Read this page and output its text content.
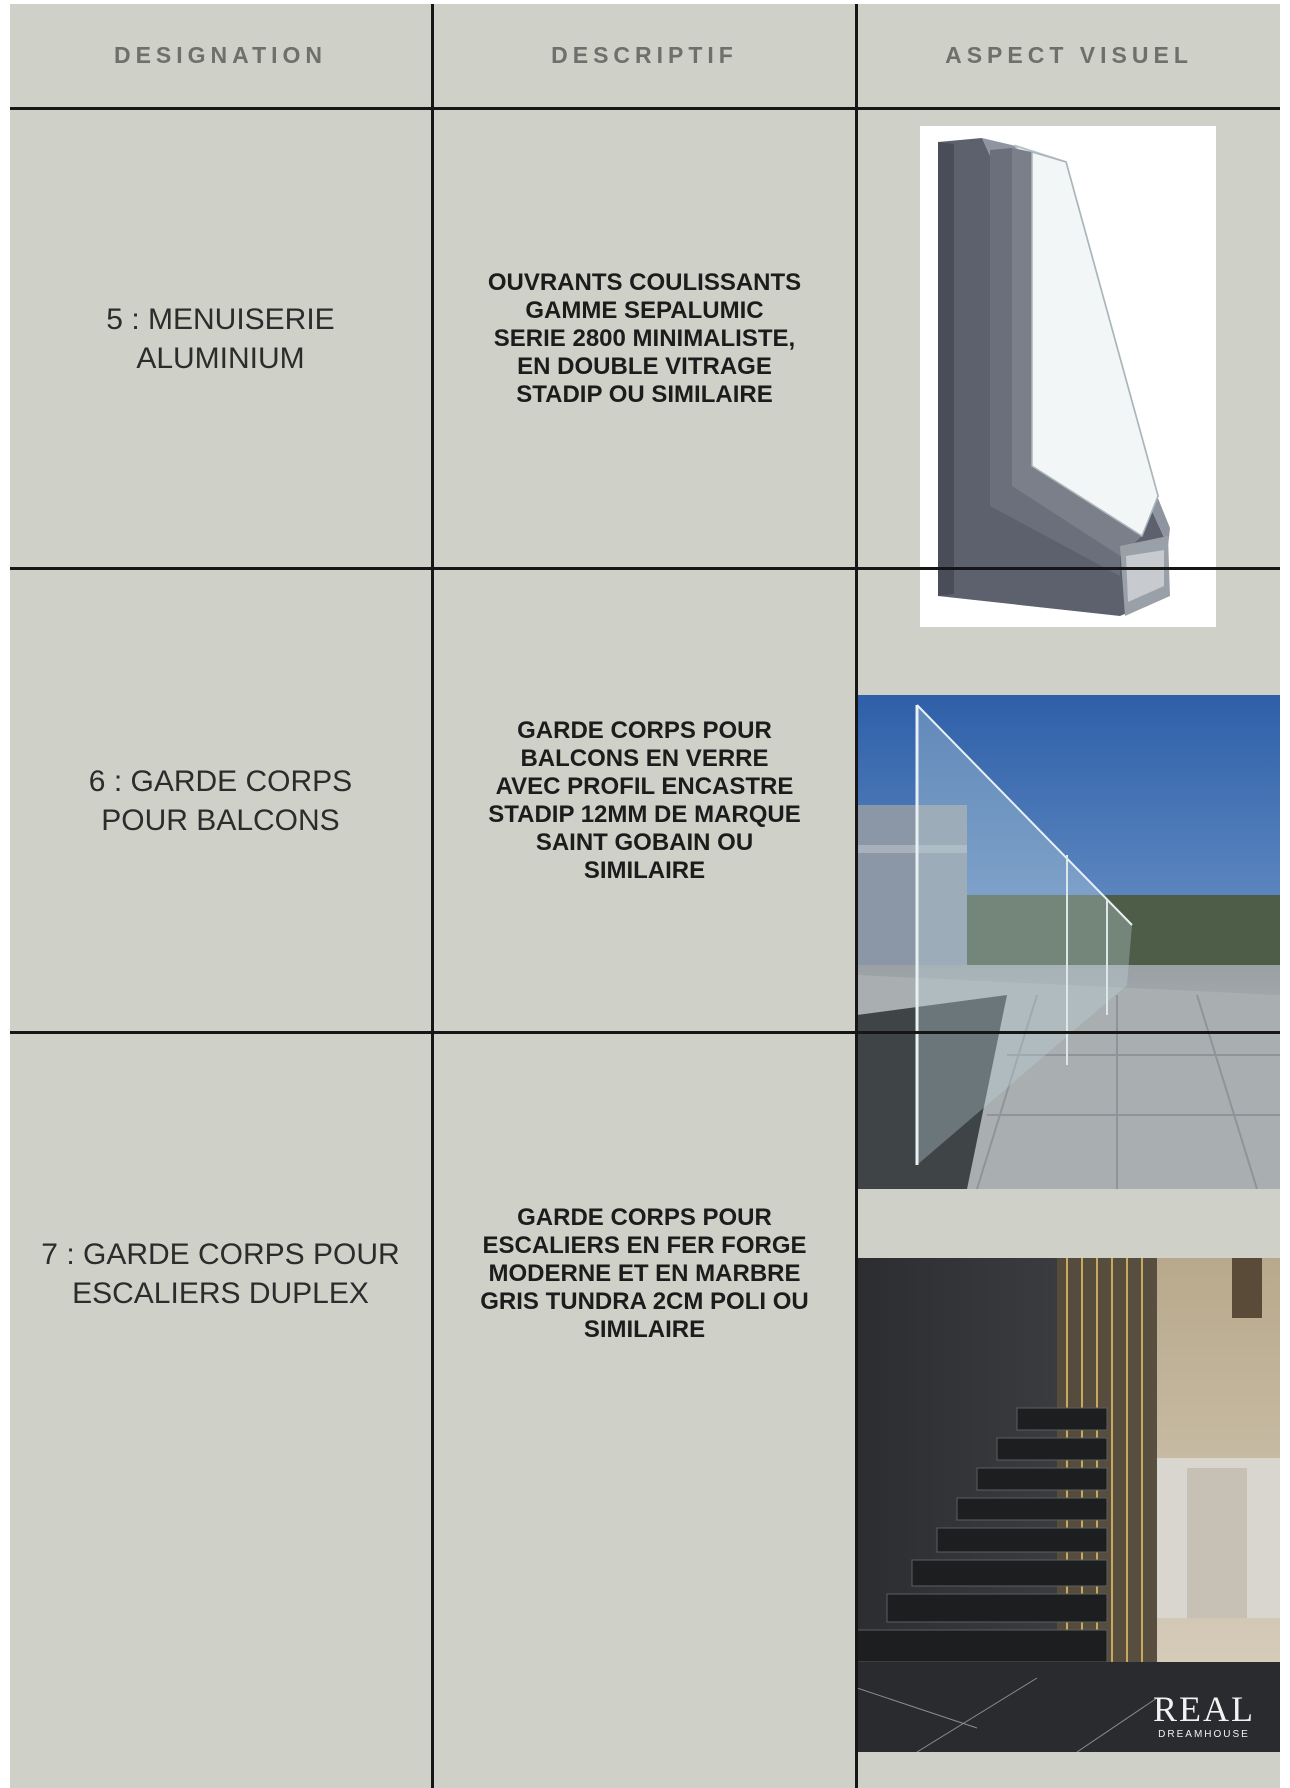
DESIGNATION	DESCRIPTIF	ASPECT VISUEL
5 : MENUISERIE
ALUMINIUM
OUVRANTS COULISSANTS
GAMME SEPALUMIC
SERIE 2800 MINIMALISTE,
EN DOUBLE VITRAGE
STADIP OU SIMILAIRE
6 : GARDE CORPS
POUR BALCONS
GARDE CORPS POUR
BALCONS EN VERRE
AVEC PROFIL ENCASTRE
STADIP 12MM DE MARQUE
SAINT GOBAIN OU
SIMILAIRE
7 : GARDE CORPS POUR
ESCALIERS DUPLEX
GARDE CORPS POUR
ESCALIERS EN FER FORGE
MODERNE ET EN MARBRE
GRIS TUNDRA 2CM POLI OU
SIMILAIRE
REAL
DREAMHOUSE
